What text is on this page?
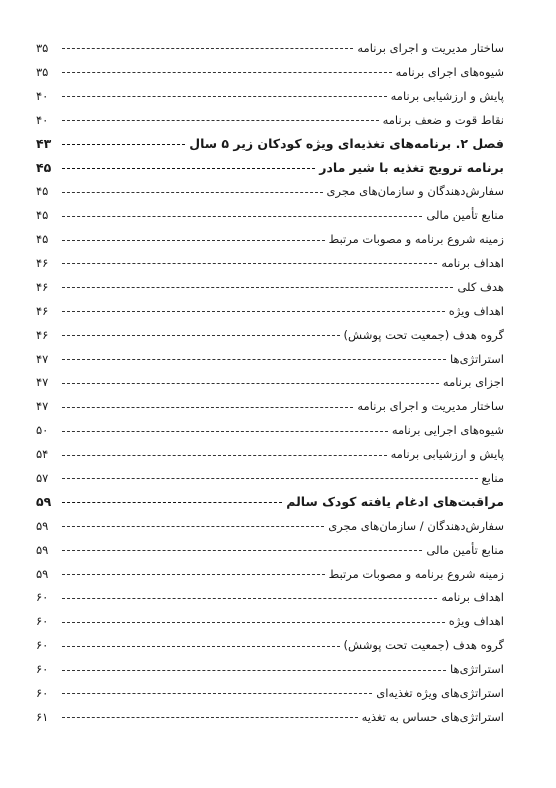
ساختار مدیریت و اجرای برنامه
۳۵
شیوه‌های اجرای برنامه
۳۵
پایش و ارزشیابی برنامه
۴۰
نقاط قوت و ضعف برنامه
۴۰
فصل ۲. برنامه‌های تغذیه‌ای ویژه کودکان زیر ۵ سال
۴۳
برنامه ترویج تغذیه با شیر مادر
۴۵
سفارش‌دهندگان و سازمان‌های مجری
۴۵
منابع تأمین مالی
۴۵
زمینه شروع برنامه و مصوبات مرتبط
۴۵
اهداف برنامه
۴۶
هدف کلی
۴۶
اهداف ویژه
۴۶
گروه هدف (جمعیت تحت پوشش)
۴۶
استراتژی‌ها
۴۷
اجزای برنامه
۴۷
ساختار مدیریت و اجرای برنامه
۴۷
شیوه‌های اجرایی برنامه
۵۰
پایش و ارزشیابی برنامه
۵۴
منابع
۵۷
مراقبت‌های ادغام یافته کودک سالم
۵۹
سفارش‌دهندگان / سازمان‌های مجری
۵۹
منابع تأمین مالی
۵۹
زمینه شروع برنامه و مصوبات مرتبط
۵۹
اهداف برنامه
۶۰
اهداف ویژه
۶۰
گروه هدف (جمعیت تحت پوشش)
۶۰
استراتژی‌ها
۶۰
استراتژی‌های ویژه تغذیه‌ای
۶۰
استراتژی‌های حساس به تغذیه
۶۱
